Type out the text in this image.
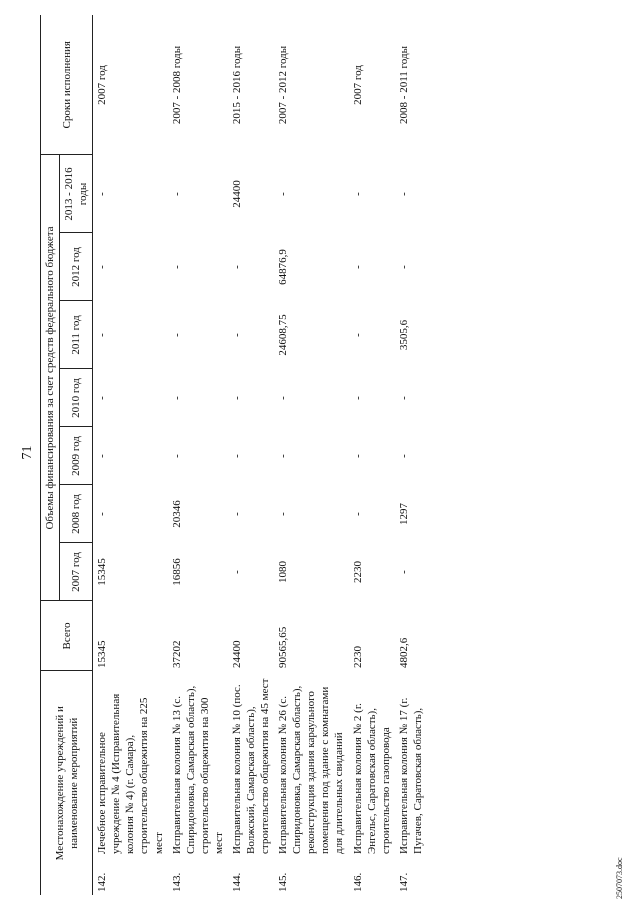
71
Местонахождение учреждений и наименование мероприятий		Всего	Объемы финансирования за счет средств федерального бюджета							Сроки исполнения
			2007 год	2008 год	2009 год	2010 год	2011 год	2012 год	2013 - 2016 годы	
142.	Лечебное исправительное учреждение № 4 (Исправительная колония № 4) (г. Самара), строительство общежития на 225 мест	15345	15345	-	-	-	-	-	-	2007 год
143.	Исправительная колония № 13 (с. Спиридоновка, Самарская область), строительство общежития на 300 мест	37202	16856	20346	-	-	-	-	-	2007 - 2008 годы
144.	Исправительная колония № 10 (пос. Волжский, Самарская область), строительство общежития на 45 мест	24400	-	-	-	-	-	-	24400	2015 - 2016 годы
145.	Исправительная колония № 26 (с. Спиридоновка, Самарская область), реконструкция здания караульного помещения под здание с комнатами для длительных свиданий	90565,65	1080	-	-	-	24608,75	64876,9	-	2007 - 2012 годы
146.	Исправительная колония № 2 (г. Энгельс, Саратовская область), строительство газопровода	2230	2230	-	-	-	-	-	-	2007 год
147.	Исправительная колония № 17 (г. Пугачев, Саратовская область),	4802,6	-	1297	-	-	3505,6	-	-	2008 - 2011 годы
2507073.doc
